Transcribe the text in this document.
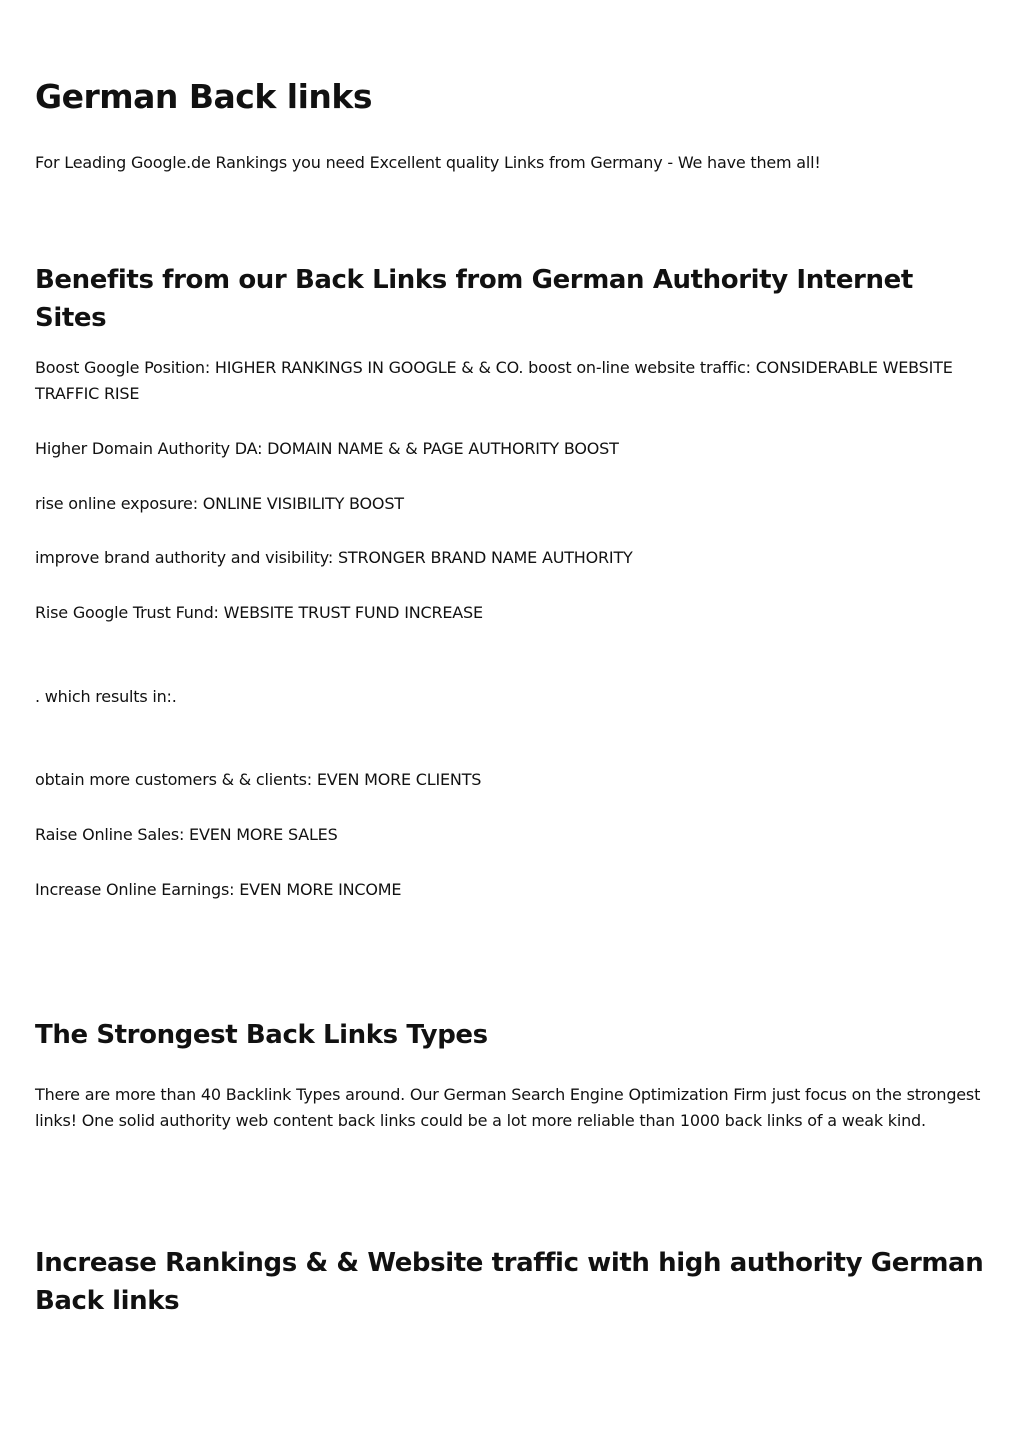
German Back links

For Leading Google.de Rankings you need Excellent quality Links from Germany - We have them all!

Benefits from our Back Links from German Authority Internet Sites

Boost Google Position: HIGHER RANKINGS IN GOOGLE & & CO. boost on-line website traffic: CONSIDERABLE WEBSITE TRAFFIC RISE

Higher Domain Authority DA: DOMAIN NAME & & PAGE AUTHORITY BOOST

rise online exposure: ONLINE VISIBILITY BOOST

improve brand authority and visibility: STRONGER BRAND NAME AUTHORITY

Rise Google Trust Fund: WEBSITE TRUST FUND INCREASE

. which results in:.

obtain more customers & & clients: EVEN MORE CLIENTS

Raise Online Sales: EVEN MORE SALES

Increase Online Earnings: EVEN MORE INCOME

The Strongest Back Links Types

There are more than 40 Backlink Types around. Our German Search Engine Optimization Firm just focus on the strongest links! One solid authority web content back links could be a lot more reliable than 1000 back links of a weak kind.

Increase Rankings & & Website traffic with high authority German Back links
